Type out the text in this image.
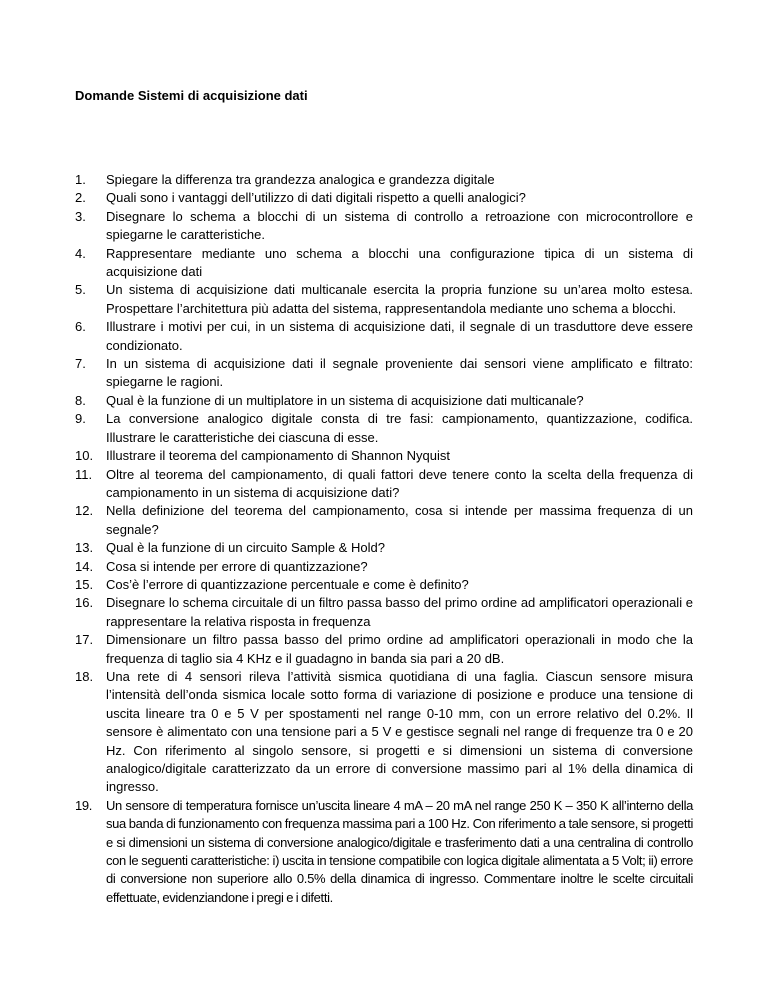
Domande Sistemi di acquisizione dati
1.	Spiegare la differenza tra grandezza analogica e grandezza digitale
2.	Quali sono i vantaggi dell’utilizzo di dati digitali rispetto a quelli analogici?
3.	Disegnare lo schema a blocchi di un sistema di controllo a retroazione con microcontrollore e spiegarne le caratteristiche.
4.	Rappresentare mediante uno schema a blocchi una configurazione tipica di un sistema di acquisizione dati
5.	Un sistema di acquisizione dati multicanale esercita la propria funzione su un’area molto estesa. Prospettare l’architettura più adatta del sistema, rappresentandola mediante uno schema a blocchi.
6.	Illustrare i motivi per cui, in un sistema di acquisizione dati, il segnale di un trasduttore deve essere condizionato.
7.	In un sistema di acquisizione dati il segnale proveniente dai sensori viene amplificato e filtrato: spiegarne le ragioni.
8.	Qual è la funzione di un multiplatore in un sistema di acquisizione dati multicanale?
9.	La conversione analogico digitale consta di tre fasi: campionamento, quantizzazione, codifica. Illustrare le caratteristiche dei ciascuna di esse.
10. Illustrare il teorema del campionamento di Shannon Nyquist
11.	Oltre al teorema del campionamento, di quali fattori deve tenere conto la scelta della frequenza di campionamento in un sistema di acquisizione dati?
12. Nella definizione del teorema del campionamento, cosa si intende per massima frequenza di un segnale?
13. Qual è la funzione di un circuito Sample & Hold?
14. Cosa si intende per errore di quantizzazione?
15. Cos’è l’errore di quantizzazione percentuale e come è definito?
16. Disegnare lo schema circuitale di un filtro passa basso del primo ordine ad amplificatori operazionali e rappresentare la relativa risposta in frequenza
17. Dimensionare un filtro passa basso del primo ordine ad amplificatori operazionali in modo che la frequenza di taglio sia 4 KHz e il guadagno in banda sia pari a 20 dB.
18. Una rete di 4 sensori rileva l’attività sismica quotidiana di una faglia. Ciascun sensore misura l’intensità dell’onda sismica locale sotto forma di variazione di posizione e produce una tensione di uscita lineare tra 0 e 5 V per spostamenti nel range 0-10 mm, con un errore relativo del 0.2%. Il sensore è alimentato con una tensione pari a 5 V e gestisce segnali nel range di frequenze tra 0 e 20 Hz. Con riferimento al singolo sensore, si progetti e si dimensioni un sistema di conversione analogico/digitale caratterizzato da un errore di conversione massimo pari al 1% della dinamica di ingresso.
19.	Un sensore di temperatura fornisce un’uscita lineare 4 mA – 20 mA nel range 250 K – 350 K all’interno della sua banda di funzionamento con frequenza massima pari a 100 Hz. Con riferimento a tale sensore, si progetti e si dimensioni un sistema di conversione analogico/digitale e trasferimento dati a una centralina di controllo con le seguenti caratteristiche: i) uscita in tensione compatibile con logica digitale alimentata a 5 Volt; ii) errore di conversione non superiore allo 0.5% della dinamica di ingresso. Commentare inoltre le scelte circuitali effettuate, evidenziandone i pregi e i difetti.
